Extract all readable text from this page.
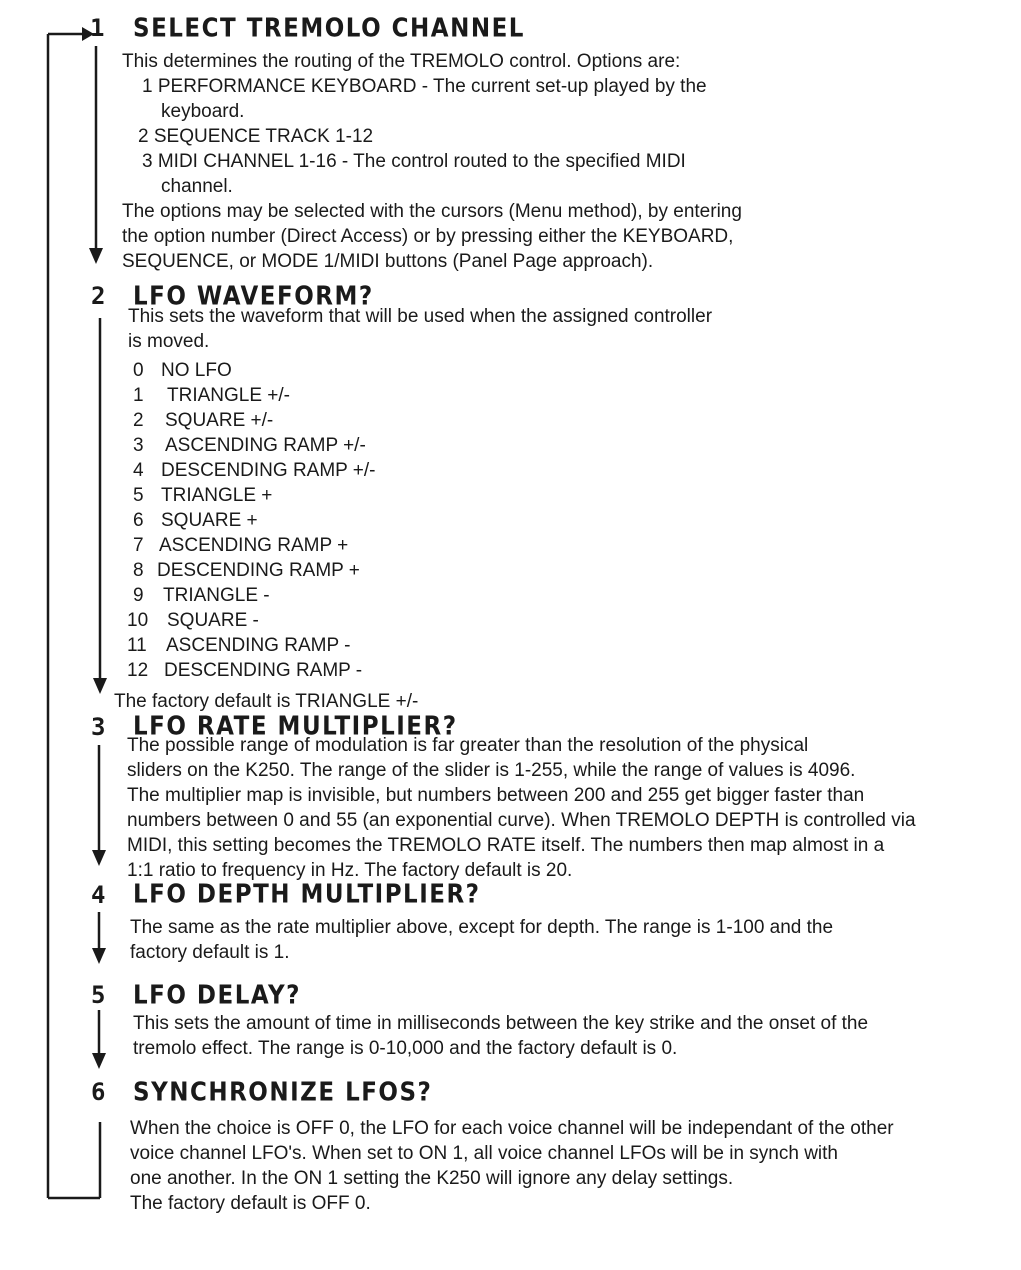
1 SELECT TREMOLO CHANNEL
This determines the routing of the TREMOLO control. Options are:
1 PERFORMANCE KEYBOARD - The current set-up played by the
keyboard.
2 SEQUENCE TRACK 1-12
3 MIDI CHANNEL 1-16 - The control routed to the specified MIDI
channel.
The options may be selected with the cursors (Menu method), by entering
the option number (Direct Access) or by pressing either the KEYBOARD,
SEQUENCE, or MODE 1/MIDI buttons (Panel Page approach).
2 LFO WAVEFORM?
This sets the waveform that will be used when the assigned controller
is moved.
0 NO LFO
1 TRIANGLE +/-
2 SQUARE +/-
3 ASCENDING RAMP +/-
4 DESCENDING RAMP +/-
5 TRIANGLE +
6 SQUARE +
7 ASCENDING RAMP +
8 DESCENDING RAMP +
9 TRIANGLE -
10 SQUARE -
11 ASCENDING RAMP -
12 DESCENDING RAMP -
The factory default is TRIANGLE +/-
3 LFO RATE MULTIPLIER?
The possible range of modulation is far greater than the resolution of the physical
sliders on the K250. The range of the slider is 1-255, while the range of values is 4096.
The multiplier map is invisible, but numbers between 200 and 255 get bigger faster than
numbers between 0 and 55 (an exponential curve). When TREMOLO DEPTH is controlled via
MIDI, this setting becomes the TREMOLO RATE itself. The numbers then map almost in a
1:1 ratio to frequency in Hz. The factory default is 20.
4 LFO DEPTH MULTIPLIER?
The same as the rate multiplier above, except for depth. The range is 1-100 and the
factory default is 1.
5 LFO DELAY?
This sets the amount of time in milliseconds between the key strike and the onset of the
tremolo effect. The range is 0-10,000 and the factory default is 0.
6 SYNCHRONIZE LFOS?
When the choice is OFF 0, the LFO for each voice channel will be independant of the other
voice channel LFO's. When set to ON 1, all voice channel LFOs will be in synch with
one another. In the ON 1 setting the K250 will ignore any delay settings.
The factory default is OFF 0.
